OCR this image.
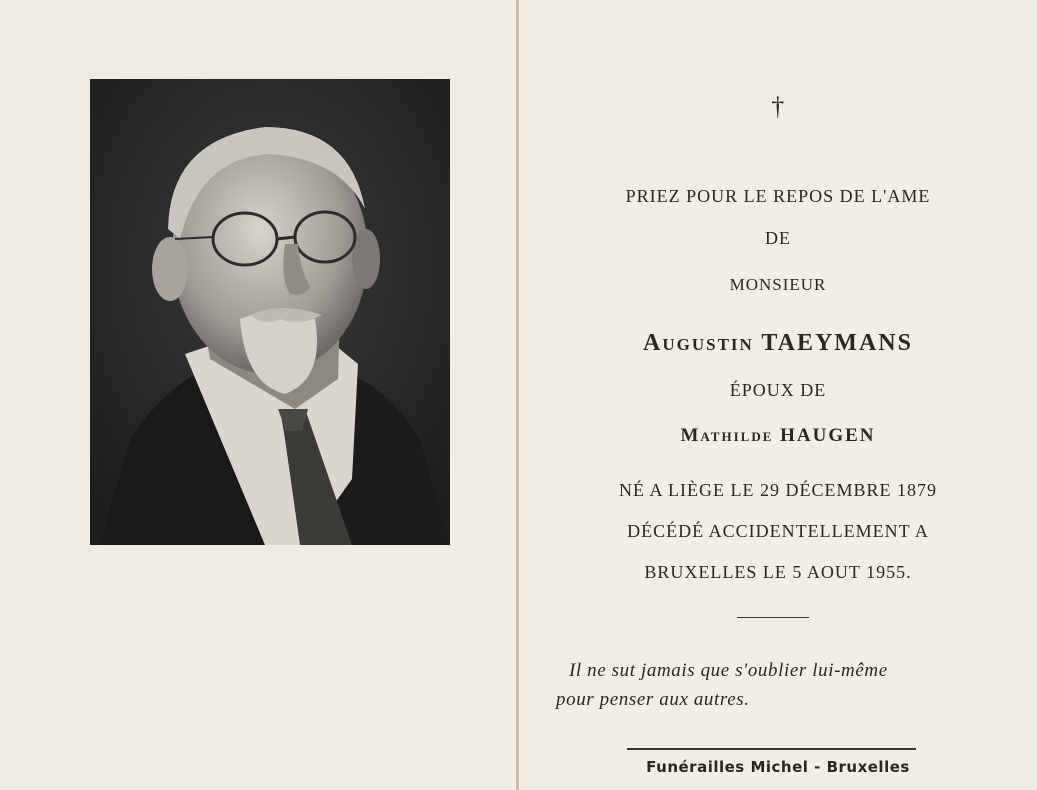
†
PRIEZ POUR LE REPOS DE L'AME
DE
MONSIEUR
Augustin TAEYMANS
ÉPOUX DE
Mathilde HAUGEN
NÉ A LIÈGE LE 29 DÉCEMBRE 1879
DÉCÉDÉ ACCIDENTELLEMENT A
BRUXELLES LE 5 AOUT 1955.
Il ne sut jamais que s'oublier lui-même
pour penser aux autres.
Funérailles Michel - Bruxelles
